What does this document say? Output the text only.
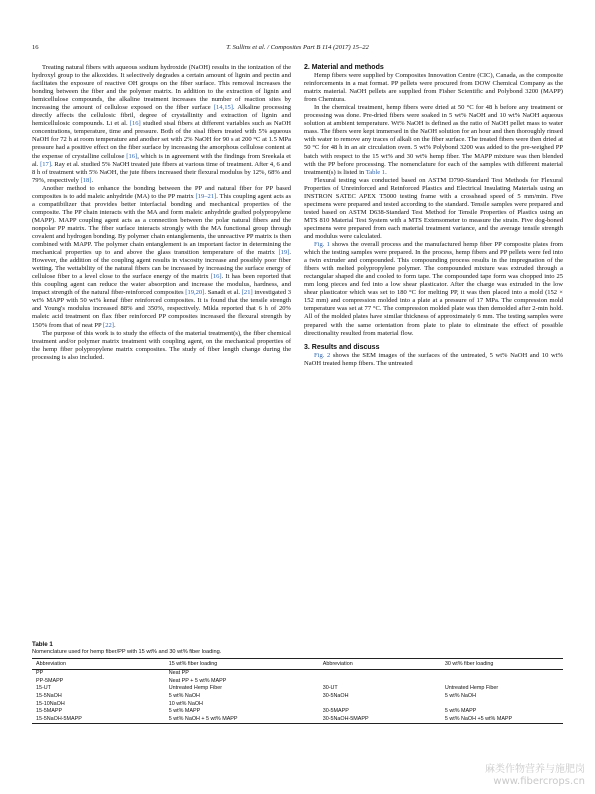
16	T. Sullins et al. / Composites Part B 114 (2017) 15–22

Treating natural fibers with aqueous sodium hydroxide (NaOH) results in the ionization of the hydroxyl group to the alkoxides. It selectively degrades a certain amount of lignin and pectin and facilitates the exposure of reactive OH groups on the fiber surface. This removal increases the bonding between the fiber and the polymer matrix. In addition to the extraction of lignin and hemicellulose compounds, the alkaline treatment increases the number of reaction sites by increasing the amount of cellulose exposed on the fiber surface [14,15]. Alkaline processing directly affects the cellulosic fibril, degree of crystallinity and extraction of lignin and hemicellulosic compounds. Li et al. [16] studied sisal fibers at different variables such as NaOH concentrations, temperature, time and pressure. Both of the sisal fibers treated with 5% aqueous NaOH for 72 h at room temperature and another set with 2% NaOH for 90 s at 200 °C at 1.5 MPa pressure had a positive effect on the fiber surface by increasing the amorphous cellulose content at the expense of crystalline cellulose [16], which is in agreement with the findings from Sreekala et al. [17]. Ray et al. studied 5% NaOH treated jute fibers at various time of treatment. After 4, 6 and 8 h of treatment with 5% NaOH, the jute fibers increased their flexural modulus by 12%, 68% and 79%, respectively [18].

Another method to enhance the bonding between the PP and natural fiber for PP based composites is to add maleic anhydride (MA) to the PP matrix [19–21]. This coupling agent acts as a compatibilizer that provides better interfacial bonding and mechanical properties of the composite. The PP chain interacts with the MA and form maleic anhydride grafted polypropylene (MAPP). MAPP coupling agent acts as a connection between the polar natural fibers and the nonpolar PP matrix. The fiber surface interacts strongly with the MA functional group through covalent and hydrogen bonding. By polymer chain entanglements, the unreactive PP matrix is then combined with MAPP. The polymer chain entanglement is an important factor in determining the mechanical properties up to and above the glass transition temperature of the matrix [19]. However, the addition of the coupling agent results in viscosity increase and possibly poor fiber wetting. The wettability of the natural fibers can be increased by increasing the surface energy of cellulose fiber to a level close to the surface energy of the matrix [16]. It has been reported that this coupling agent can reduce the water absorption and increase the modulus, hardness, and impact strength of the natural fiber-reinforced composites [19,20]. Sanadi et al. [21] investigated 3 wt% MAPP with 50 wt% kenaf fiber reinforced composites. It is found that the tensile strength and Young's modulus increased 88% and 350%, respectively. Mikla reported that 6 h of 20% maleic acid treatment on flax fiber reinforced PP composites increased the flexural strength by 150% from that of neat PP [22].

The purpose of this work is to study the effects of the material treatment(s), the fiber chemical treatment and/or polymer matrix treatment with coupling agent, on the mechanical properties of the hemp fiber polypropylene matrix composites. The study of fiber length change during the processing is also included.

2. Material and methods

Hemp fibers were supplied by Composites Innovation Centre (CIC), Canada, as the composite reinforcements in a mat format. PP pellets were procured from DOW Chemical Company as the matrix material. NaOH pellets are supplied from Fisher Scientific and Polybond 3200 (MAPP) from Chemtura.

In the chemical treatment, hemp fibers were dried at 50 °C for 48 h before any treatment or processing was done. Pre-dried fibers were soaked in 5 wt% NaOH and 10 wt% NaOH aqueous solution at ambient temperature. Wt% NaOH is defined as the ratio of NaOH pellet mass to water mass. The fibers were kept immersed in the NaOH solution for an hour and then thoroughly rinsed with water to remove any traces of alkali on the fiber surface. The treated fibers were then dried at 50 °C for 48 h in an air circulation oven. 5 wt% Polybond 3200 was added to the pre-weighed PP batch with respect to the 15 wt% and 30 wt% hemp fiber. The MAPP mixture was then blended with the PP before processing. The nomenclature for each of the samples with different material treatment(s) is listed in Table 1.

Flexural testing was conducted based on ASTM D790-Standard Test Methods for Flexural Properties of Unreinforced and Reinforced Plastics and Electrical Insulating Materials using an INSTRON SATEC APEX T5000 testing frame with a crosshead speed of 5 mm/min. Five specimens were prepared and tested according to the standard. Tensile samples were prepared and tested based on ASTM D638-Standard Test Method for Tensile Properties of Plastics using an MTS 810 Material Test System with a MTS Extensometer to measure the strain. Five dog-boned specimens were prepared from each material treatment variance, and the average tensile strength and modulus were calculated.

Fig. 1 shows the overall process and the manufactured hemp fiber PP composite plates from which the testing samples were prepared. In the process, hemp fibers and PP pellets were fed into a twin extruder and compounded. This compounding process results in the impregnation of the fibers with melted polypropylene polymer. The compounded mixture was extruded through a rectangular shaped die and cooled to form tape. The compounded tape form was chopped into 25 mm long pieces and fed into a low shear plasticator. After the charge was extruded in the low shear plasticator which was set to 180 °C for melting PP, it was then placed into a mold (152 × 152 mm) and compression molded into a plate at a pressure of 17 MPa. The compression mold temperature was set at 77 °C. The compression molded plate was then demolded after 2-min hold. All of the molded plates have similar thickness of approximately 6 mm. The testing samples were prepared with the same orientation from plate to plate to eliminate the effect of possible directionality resulted from material flow.

3. Results and discuss

Fig. 2 shows the SEM images of the surfaces of the untreated, 5 wt% NaOH and 10 wt% NaOH treated hemp fibers. The untreated

Table 1
Nomenclature used for hemp fiber/PP with 15 wt% and 30 wt% fiber loading.
Abbreviation	15 wt% fiber loading	Abbreviation	30 wt% fiber loading
PP	Neat PP		
PP-5MAPP	Neat PP + 5 wt% MAPP		
15-UT	Untreated Hemp Fiber	30-UT	Untreated Hemp Fiber
15-5NaOH	5 wt% NaOH	30-5NaOH	5 wt% NaOH
15-10NaOH	10 wt% NaOH		
15-5MAPP	5 wt% MAPP	30-5MAPP	5 wt% MAPP
15-5NaOH-5MAPP	5 wt% NaOH + 5 wt% MAPP	30-5NaOH-5MAPP	5 wt% NaOH +5 wt% MAPP
麻类作物营养与施肥岗
www.fibercrops.cn
